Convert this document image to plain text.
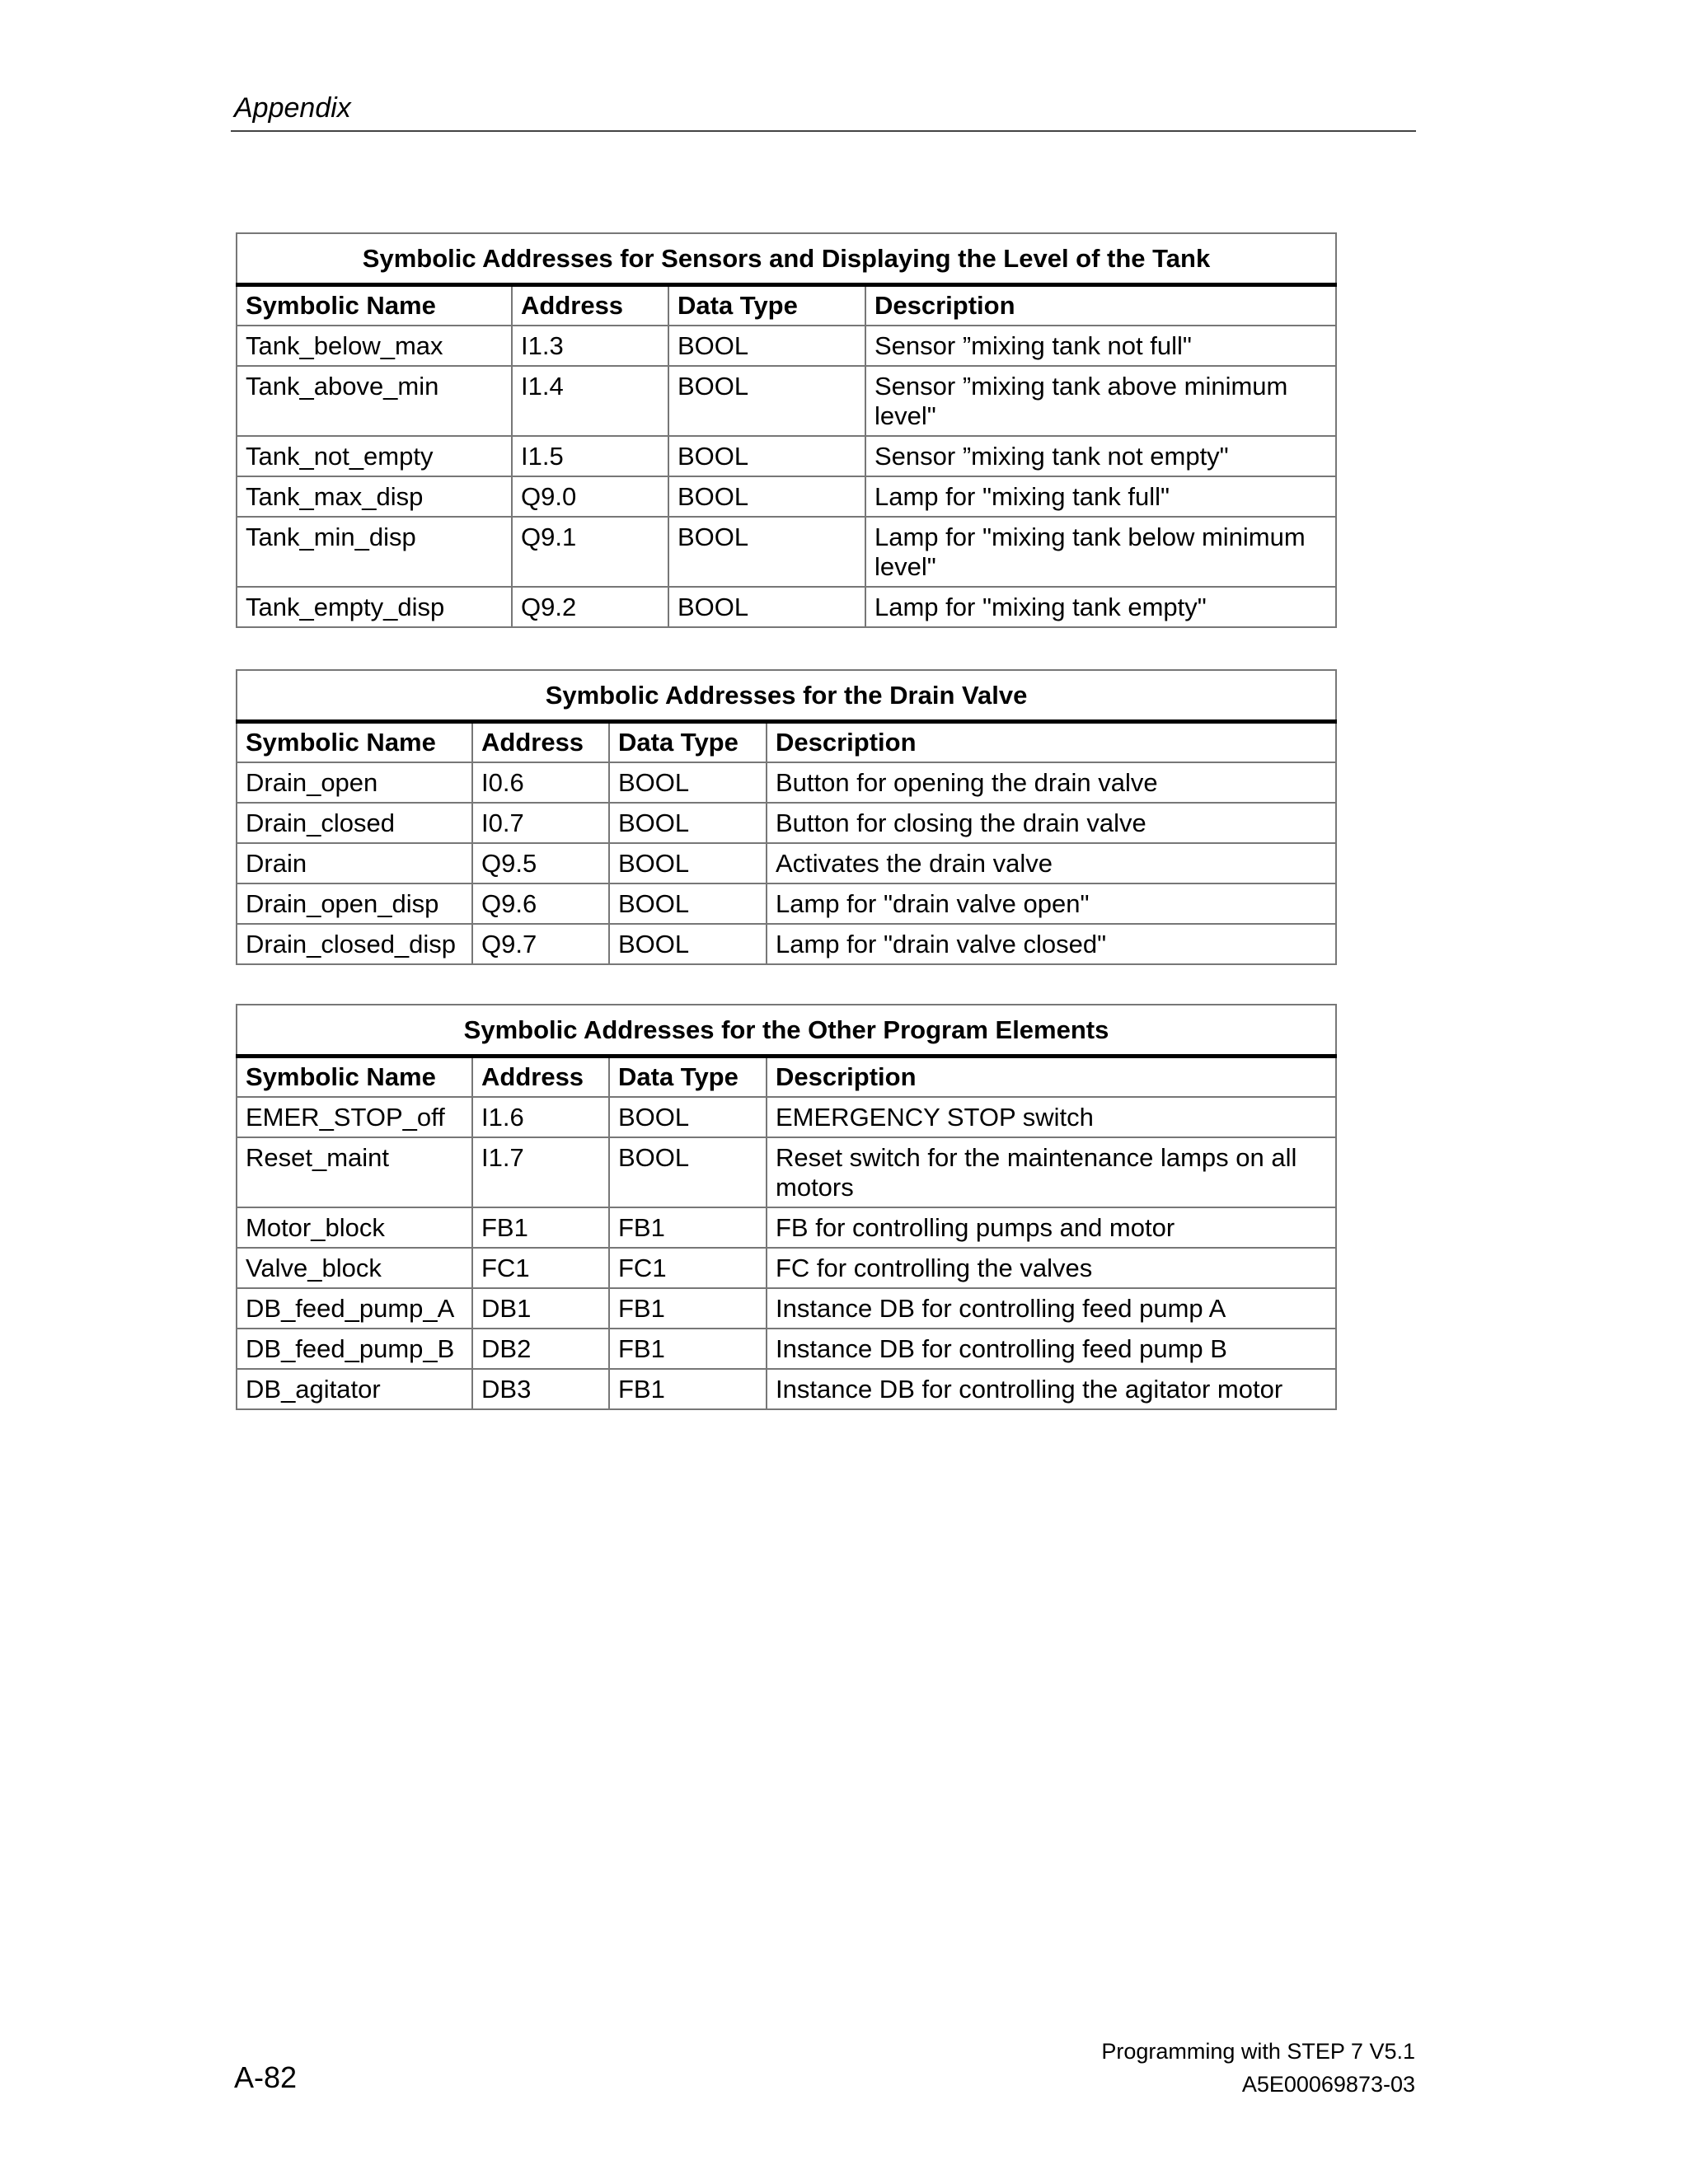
Appendix
Symbolic Addresses for Sensors and Displaying the Level of the Tank			
Symbolic Name	Address	Data Type	Description
Tank_below_max	I1.3	BOOL	Sensor ”mixing tank not full"
Tank_above_min	I1.4	BOOL	Sensor ”mixing tank above minimum level"
Tank_not_empty	I1.5	BOOL	Sensor ”mixing tank not empty"
Tank_max_disp	Q9.0	BOOL	Lamp for "mixing tank full"
Tank_min_disp	Q9.1	BOOL	Lamp for "mixing tank below minimum level"
Tank_empty_disp	Q9.2	BOOL	Lamp for "mixing tank empty"
Symbolic Addresses for the Drain Valve			
Symbolic Name	Address	Data Type	Description
Drain_open	I0.6	BOOL	Button for opening the drain valve
Drain_closed	I0.7	BOOL	Button for closing the drain valve
Drain	Q9.5	BOOL	Activates the drain valve
Drain_open_disp	Q9.6	BOOL	Lamp for "drain valve open"
Drain_closed_disp	Q9.7	BOOL	Lamp for "drain valve closed"
Symbolic Addresses for the Other Program Elements			
Symbolic Name	Address	Data Type	Description
EMER_STOP_off	I1.6	BOOL	EMERGENCY STOP switch
Reset_maint	I1.7	BOOL	Reset switch for the maintenance lamps on all motors
Motor_block	FB1	FB1	FB for controlling pumps and motor
Valve_block	FC1	FC1	FC for controlling the valves
DB_feed_pump_A	DB1	FB1	Instance DB for controlling feed pump A
DB_feed_pump_B	DB2	FB1	Instance DB for controlling feed pump B
DB_agitator	DB3	FB1	Instance DB for controlling the agitator motor
A-82
Programming with STEP 7 V5.1
A5E00069873-03
